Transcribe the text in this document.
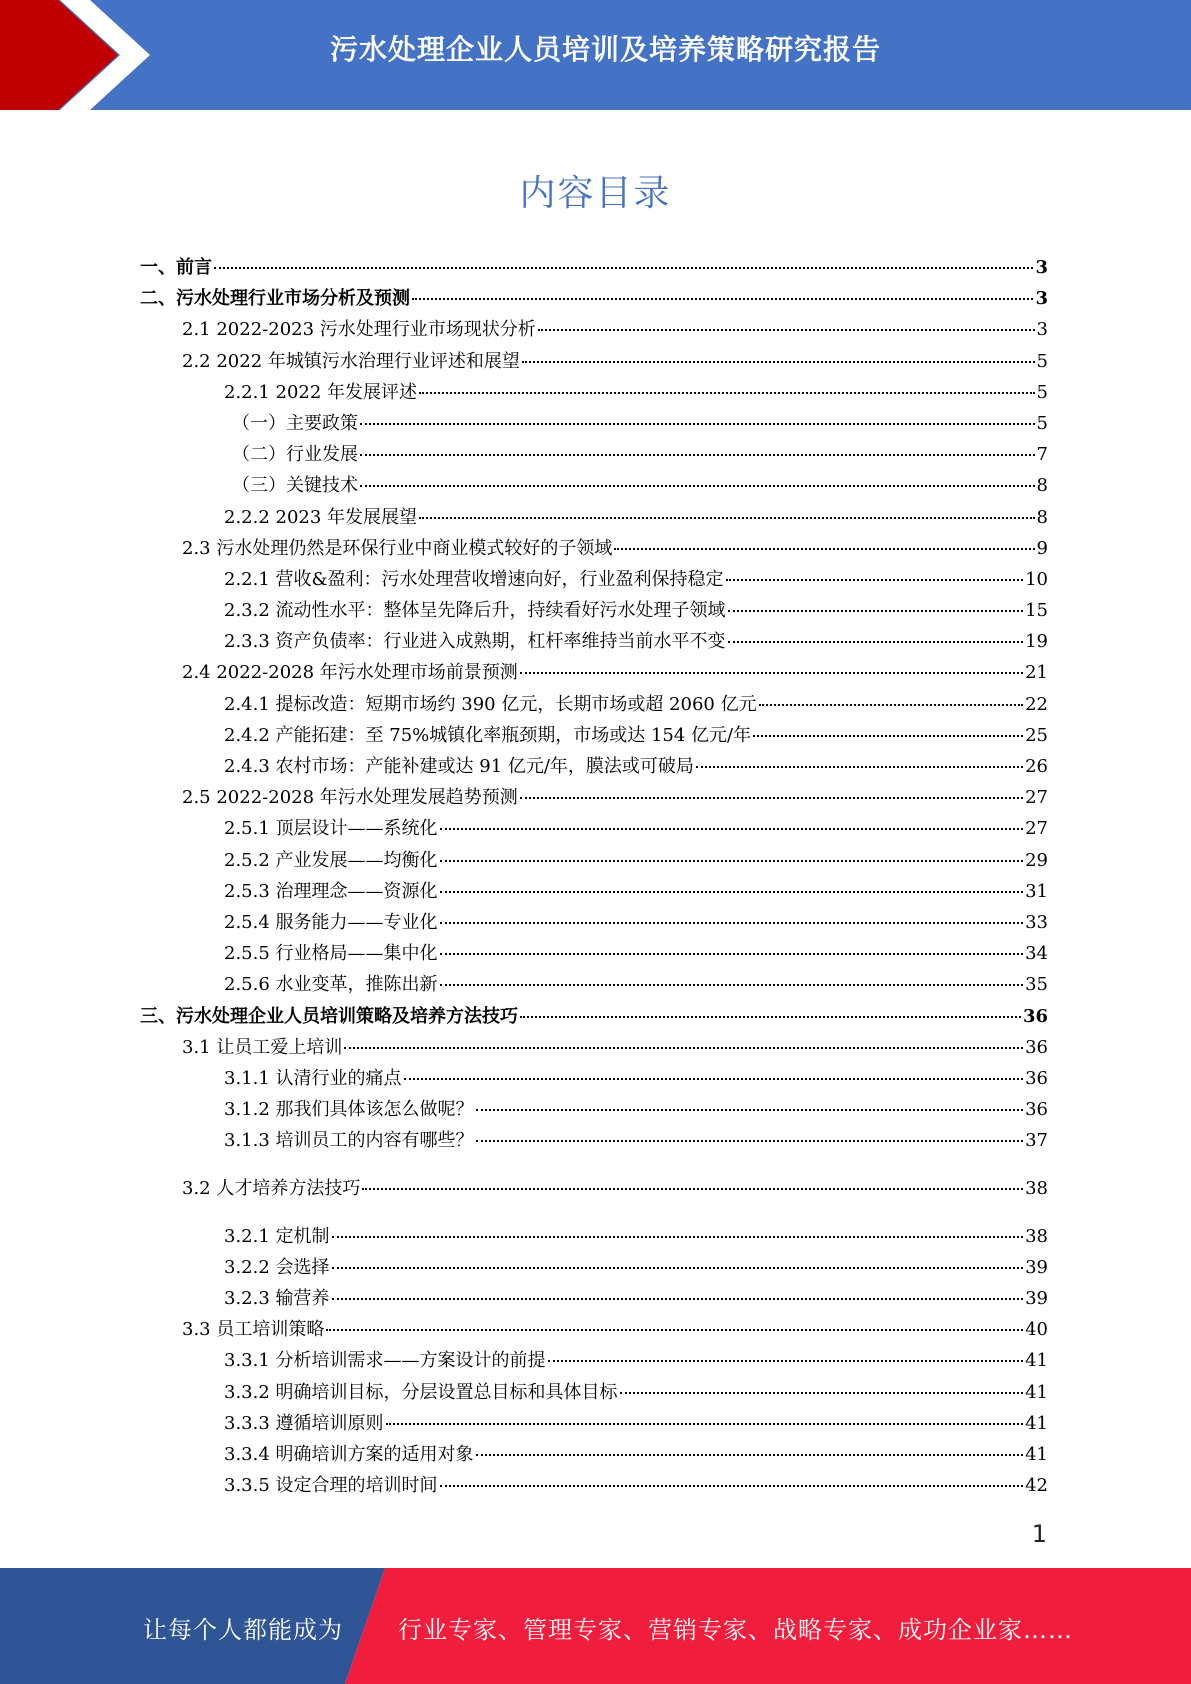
污水处理企业人员培训及培养策略研究报告
内容目录
一、前言	3
二、污水处理行业市场分析及预测	3
2.1 2022-2023 污水处理行业市场现状分析	3
2.2 2022 年城镇污水治理行业评述和展望	5
2.2.1 2022 年发展评述	5
（一）主要政策	5
（二）行业发展	7
（三）关键技术	8
2.2.2 2023 年发展展望	8
2.3 污水处理仍然是环保行业中商业模式较好的子领域	9
2.2.1 营收&盈利：污水处理营收增速向好，行业盈利保持稳定	10
2.3.2 流动性水平：整体呈先降后升，持续看好污水处理子领域	15
2.3.3 资产负债率：行业进入成熟期，杠杆率维持当前水平不变	19
2.4 2022-2028 年污水处理市场前景预测	21
2.4.1 提标改造：短期市场约 390 亿元，长期市场或超 2060 亿元	22
2.4.2 产能拓建：至 75%城镇化率瓶颈期，市场或达 154 亿元/年	25
2.4.3 农村市场：产能补建或达 91 亿元/年，膜法或可破局	26
2.5 2022-2028 年污水处理发展趋势预测	27
2.5.1 顶层设计——系统化	27
2.5.2 产业发展——均衡化	29
2.5.3 治理理念——资源化	31
2.5.4 服务能力——专业化	33
2.5.5 行业格局——集中化	34
2.5.6 水业变革，推陈出新	35
三、污水处理企业人员培训策略及培养方法技巧	36
3.1 让员工爱上培训	36
3.1.1 认清行业的痛点	36
3.1.2 那我们具体该怎么做呢？	36
3.1.3 培训员工的内容有哪些？	37
3.2 人才培养方法技巧	38
3.2.1 定机制	38
3.2.2 会选择	39
3.2.3 输营养	39
3.3 员工培训策略	40
3.3.1 分析培训需求——方案设计的前提	41
3.3.2 明确培训目标，分层设置总目标和具体目标	41
3.3.3 遵循培训原则	41
3.3.4 明确培训方案的适用对象	41
3.3.5 设定合理的培训时间	42
1
让每个人都能成为 行业专家、管理专家、营销专家、战略专家、成功企业家……
